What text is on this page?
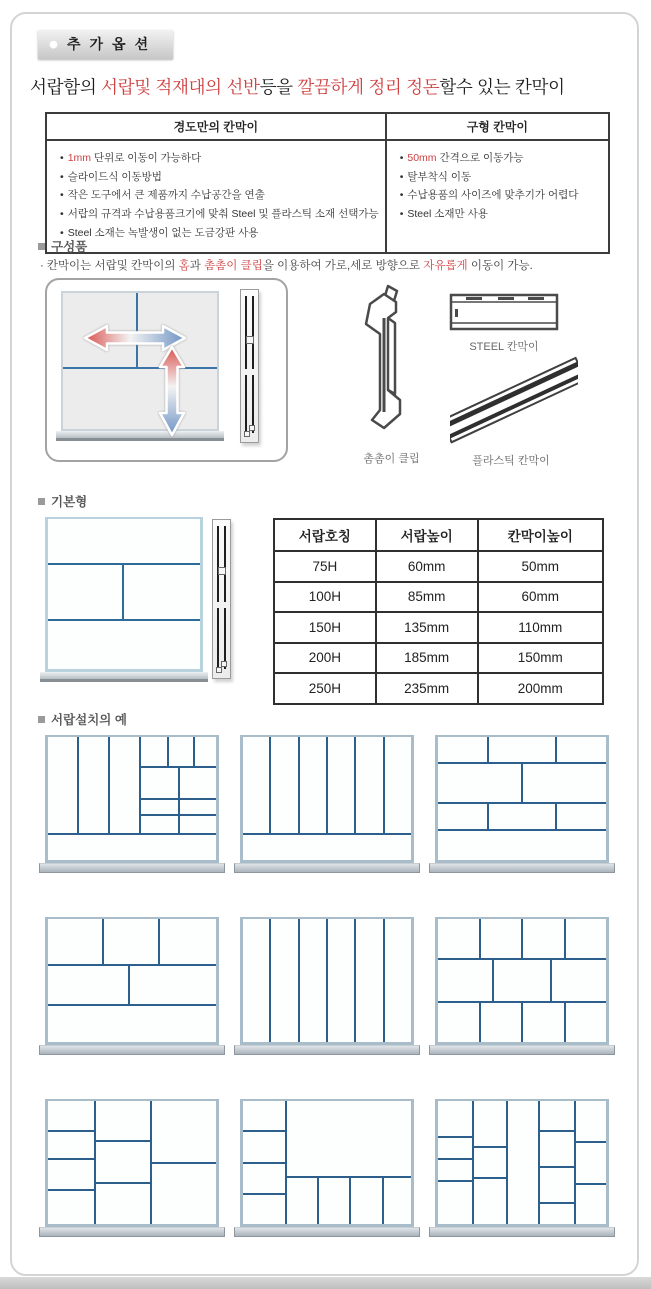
추가옵션
서랍함의 서랍및 적재대의 선반등을 깔끔하게 정리 정돈할수 있는 칸막이
경도만의 칸막이
• 1mm 단위로 이동이 가능하다
• 슬라이드식 이동방법
• 작은 도구에서 큰 제품까지 수납공간을 연출
• 서랍의 규격과 수납용품크기에 맞춰 Steel 및 플라스틱 소재 선택가능
• Steel 소재는 녹발생이 없는 도금강판 사용
구형 칸막이
• 50mm 간격으로 이동가능
• 탈부착식 이동
• 수납용품의 사이즈에 맞추기가 어렵다
• Steel 소재만 사용
구성품
· 칸막이는 서랍및 칸막이의 홈과 촘촘이 클립을 이용하여 가로,세로 방향으로 자유롭게 이동이 가능.
촘촘이 클립
STEEL 칸막이
플라스틱 칸막이
기본형
서랍호칭	서랍높이	칸막이높이
75H	60mm	50mm
100H	85mm	60mm
150H	135mm	110mm
200H	185mm	150mm
250H	235mm	200mm
서랍설치의 예
